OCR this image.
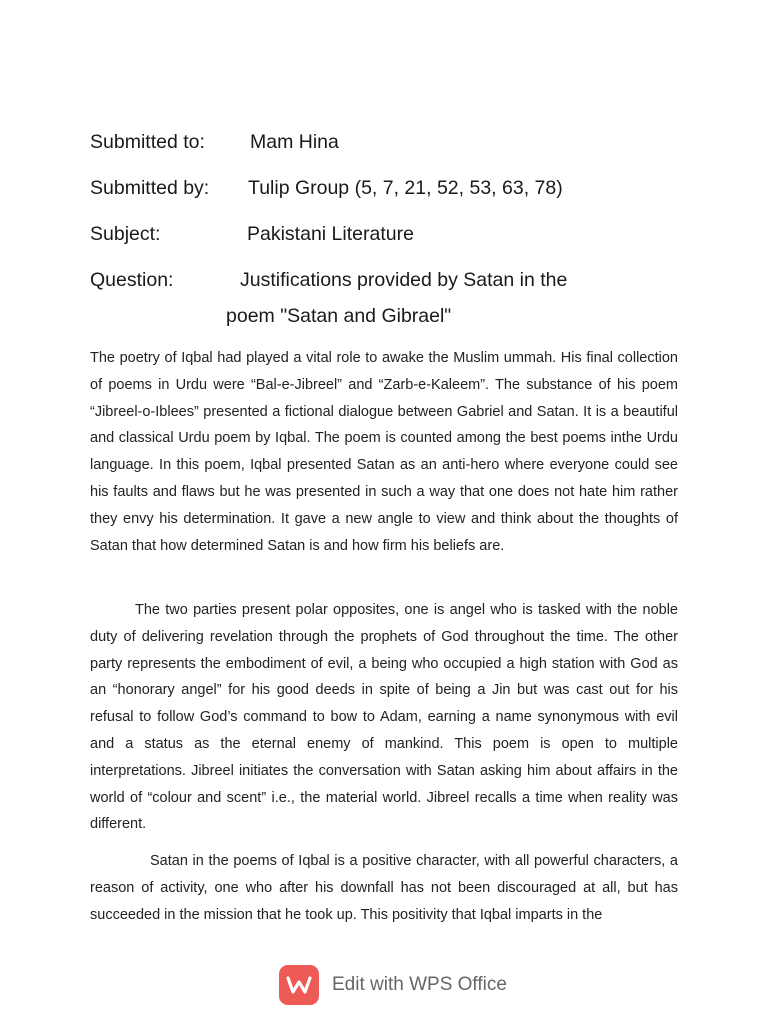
Submitted to: Mam Hina
Submitted by: Tulip Group (5, 7, 21, 52, 53, 63, 78)
Subject:	Pakistani Literature
Question:	Justifications provided by Satan in the
poem "Satan and Gibrael"

The poetry of Iqbal had played a vital role to awake the Muslim ummah. His final collection of poems in Urdu were “Bal-e-Jibreel” and “Zarb-e-Kaleem”. The substance of his poem “Jibreel-o-Iblees” presented a fictional dialogue between Gabriel and Satan. It is a beautiful and classical Urdu poem by Iqbal. The poem is counted among the best poems inthe Urdu language. In this poem, Iqbal presented Satan as an anti-hero where everyone could see his faults and flaws but he was presented in such a way that one does not hate him rather they envy his determination. It gave a new angle to view and think about the thoughts of Satan that how determined Satan is and how firm his beliefs are.

The two parties present polar opposites, one is angel who is tasked with the noble duty of delivering revelation through the prophets of God throughout the time. The other party represents the embodiment of evil, a being who occupied a high station with God as an “honorary angel” for his good deeds in spite of being a Jin but was cast out for his refusal to follow God’s command to bow to Adam, earning a name synonymous with evil and a status as the eternal enemy of mankind. This poem is open to multiple interpretations. Jibreel initiates the conversation with Satan asking him about affairs in the world of “colour and scent” i.e., the material world. Jibreel recalls a time when reality was different.

Satan in the poems of Iqbal is a positive character, with all powerful characters, a reason of activity, one who after his downfall has not been discouraged at all, but has succeeded in the mission that he took up. This positivity that Iqbal imparts in the

Edit with WPS Office
